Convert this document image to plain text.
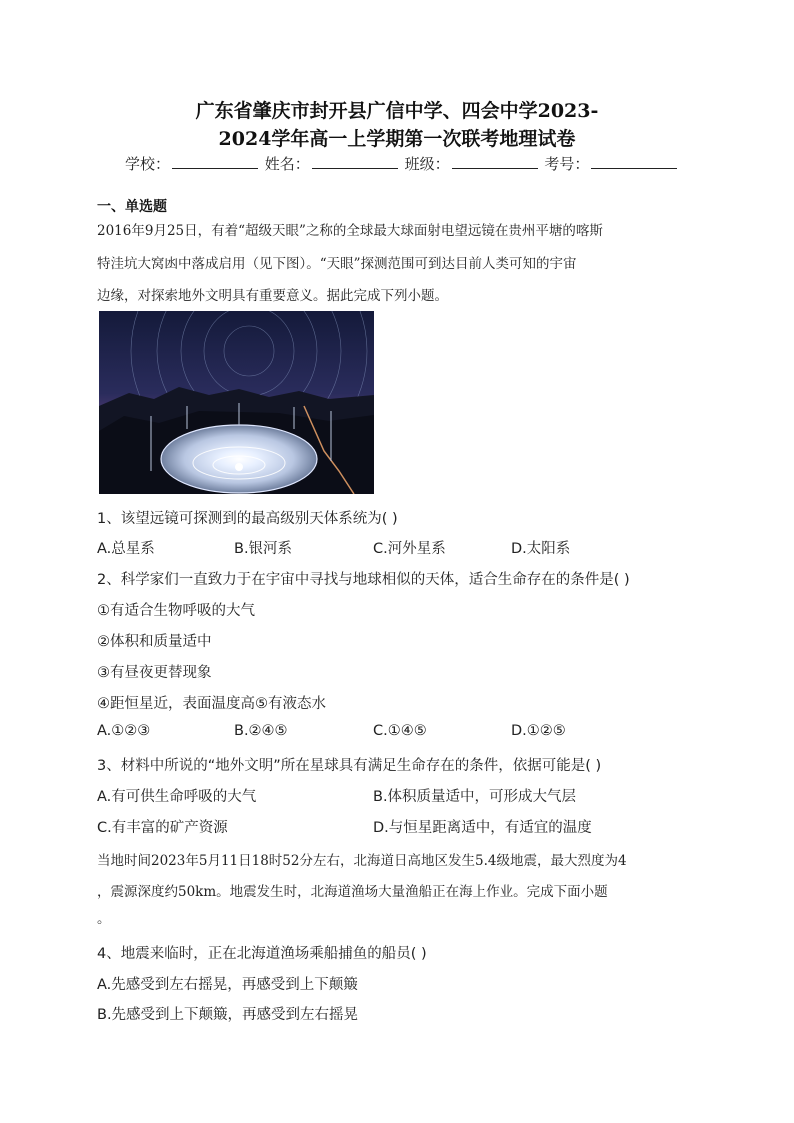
广东省肇庆市封开县广信中学、四会中学2023-
2024学年高一上学期第一次联考地理试卷
学校：	姓名：	班级：	考号：
一、单选题
2016年9月25日，有着“超级天眼”之称的全球最大球面射电望远镜在贵州平塘的喀斯
特洼坑大窝凼中落成启用（见下图）。“天眼”探测范围可到达目前人类可知的宇宙
边缘，对探索地外文明具有重要意义。据此完成下列小题。
1、该望远镜可探测到的最高级别天体系统为( )
A.总星系	B.银河系	C.河外星系	D.太阳系
2、科学家们一直致力于在宇宙中寻找与地球相似的天体，适合生命存在的条件是( )
①有适合生物呼吸的大气
②体积和质量适中
③有昼夜更替现象
④距恒星近，表面温度高⑤有液态水
A.①②③	B.②④⑤	C.①④⑤	D.①②⑤
3、材料中所说的“地外文明”所在星球具有满足生命存在的条件，依据可能是( )
A.有可供生命呼吸的大气	B.体积质量适中，可形成大气层
C.有丰富的矿产资源	D.与恒星距离适中，有适宜的温度
当地时间2023年5月11日18时52分左右，北海道日高地区发生5.4级地震，最大烈度为4
，震源深度约50km。地震发生时，北海道渔场大量渔船正在海上作业。完成下面小题
。
4、地震来临时，正在北海道渔场乘船捕鱼的船员( )
A.先感受到左右摇晃，再感受到上下颠簸
B.先感受到上下颠簸，再感受到左右摇晃
